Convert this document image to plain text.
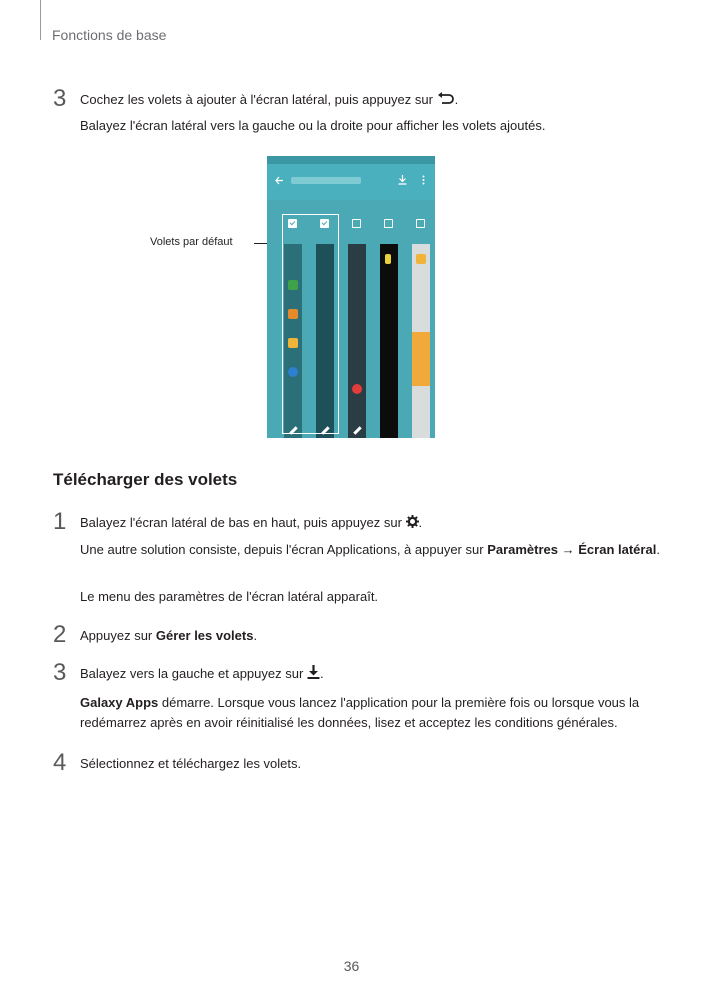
Fonctions de base
3 Cochez les volets à ajouter à l'écran latéral, puis appuyez sur .
Balayez l'écran latéral vers la gauche ou la droite pour afficher les volets ajoutés.
Volets par défaut
Télécharger des volets
1 Balayez l'écran latéral de bas en haut, puis appuyez sur .
Une autre solution consiste, depuis l'écran Applications, à appuyer sur Paramètres → Écran latéral.
Le menu des paramètres de l'écran latéral apparaît.
2 Appuyez sur Gérer les volets.
3 Balayez vers la gauche et appuyez sur .
Galaxy Apps démarre. Lorsque vous lancez l'application pour la première fois ou lorsque vous la redémarrez après en avoir réinitialisé les données, lisez et acceptez les conditions générales.
4 Sélectionnez et téléchargez les volets.
36
